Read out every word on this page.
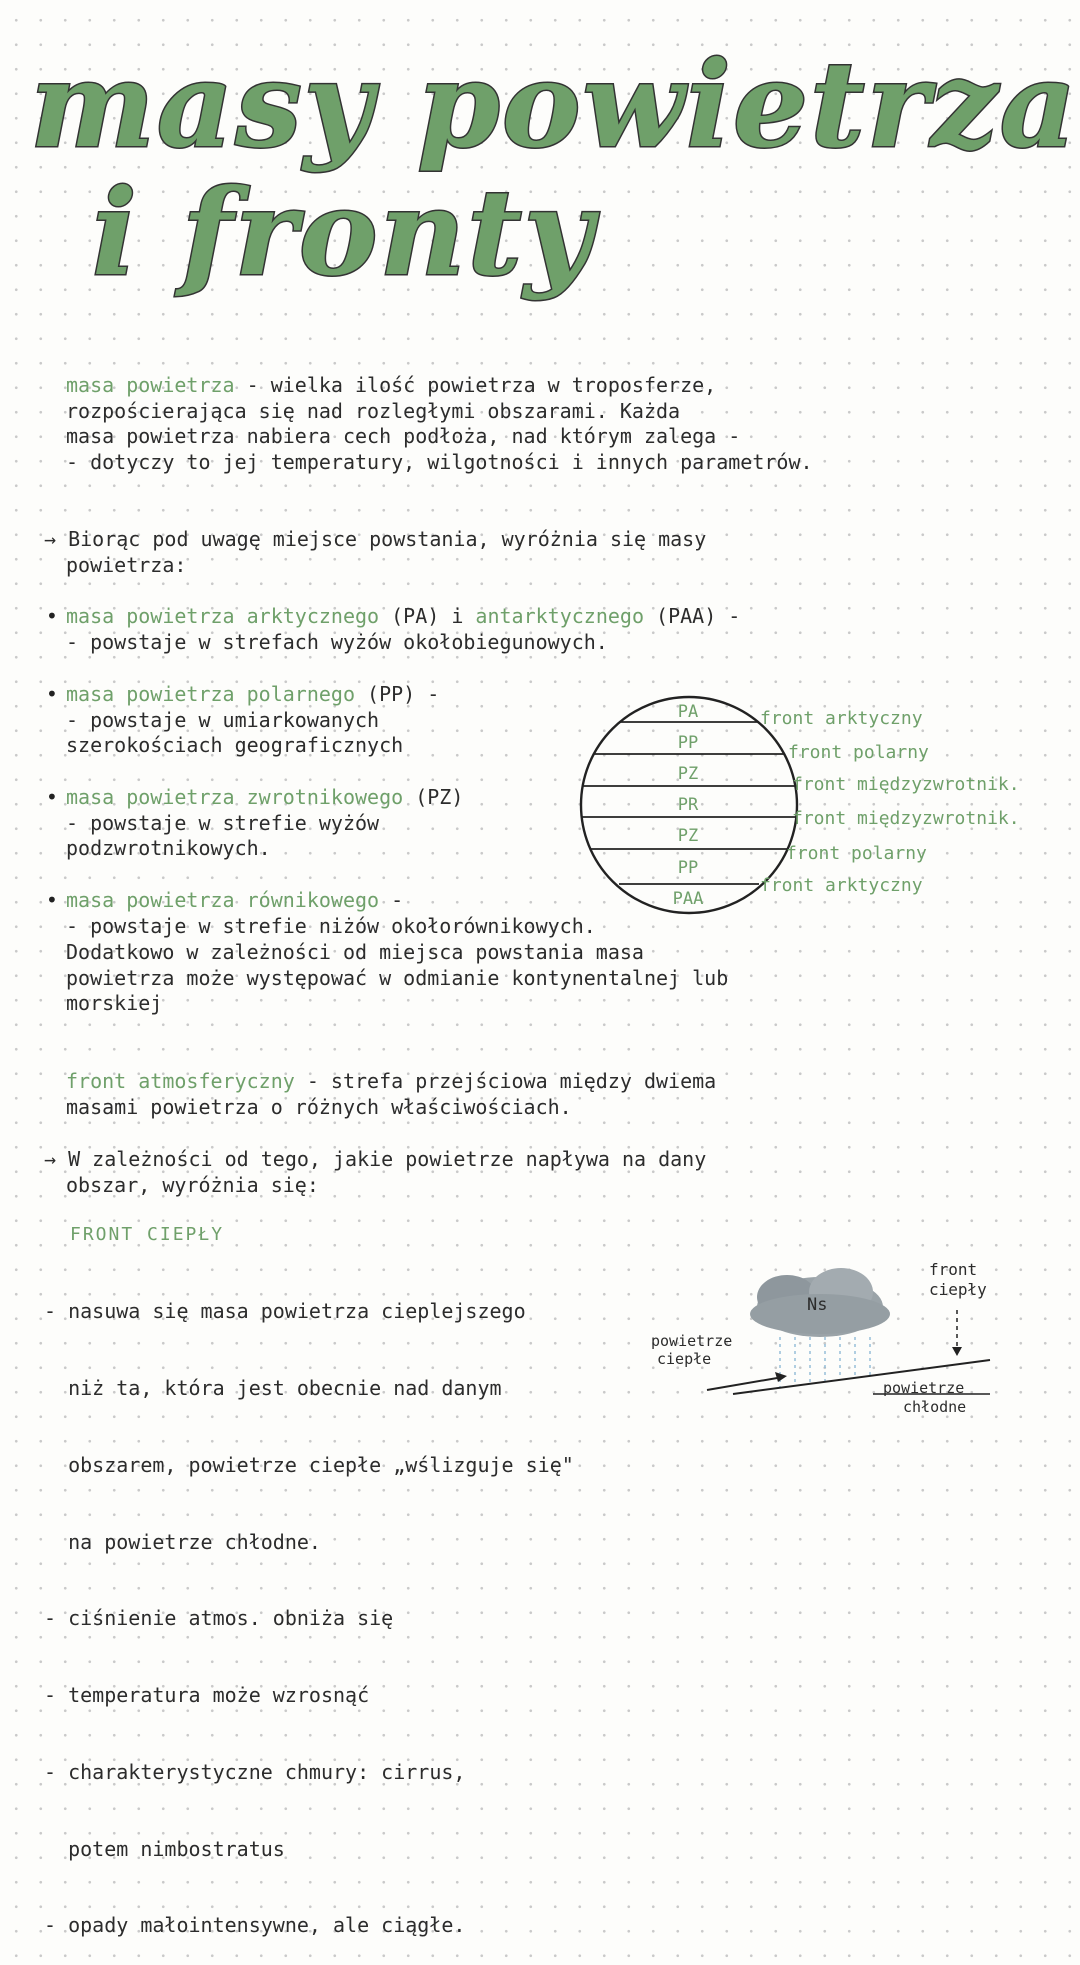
masy powietrza
i fronty
masa powietrza - wielka ilość powietrza w troposferze,
rozpościerająca się nad rozległymi obszarami. Każda
masa powietrza nabiera cech podłoża, nad którym zalega -
- dotyczy to jej temperatury, wilgotności i innych parametrów.
→ Biorąc pod uwagę miejsce powstania, wyróżnia się masy
powietrza:
• masa powietrza arktycznego (PA) i antarktycznego (PAA) -
- powstaje w strefach wyżów okołobiegunowych.
• masa powietrza polarnego (PP) -
- powstaje w umiarkowanych
szerokościach geograficznych
• masa powietrza zwrotnikowego (PZ)
- powstaje w strefie wyżów
podzwrotnikowych.
• masa powietrza równikowego -
- powstaje w strefie niżów okołorównikowych.
Dodatkowo w zależności od miejsca powstania masa
powietrza może występować w odmianie kontynentalnej lub
morskiej
PA
PP
PZ
PR
PZ
PP
PAA
front arktyczny
front polarny
front międzyzwrotnik.
front międzyzwrotnik.
front polarny
front arktyczny
front atmosferyczny - strefa przejściowa między dwiema
masami powietrza o różnych właściwościach.
→ W zależności od tego, jakie powietrze napływa na dany
obszar, wyróżnia się:
FRONT CIEPŁY

- nasuwa się masa powietrza cieplejszego

niż ta, która jest obecnie nad danym

obszarem, powietrze ciepłe „wślizguje się"

na powietrze chłodne.

- ciśnienie atmos. obniża się

- temperatura może wzrosnąć

- charakterystyczne chmury: cirrus,

potem nimbostratus

- opady małointensywne, ale ciągłe.

Ns
front
ciepły
powietrze
ciepłe
powietrze
chłodne
